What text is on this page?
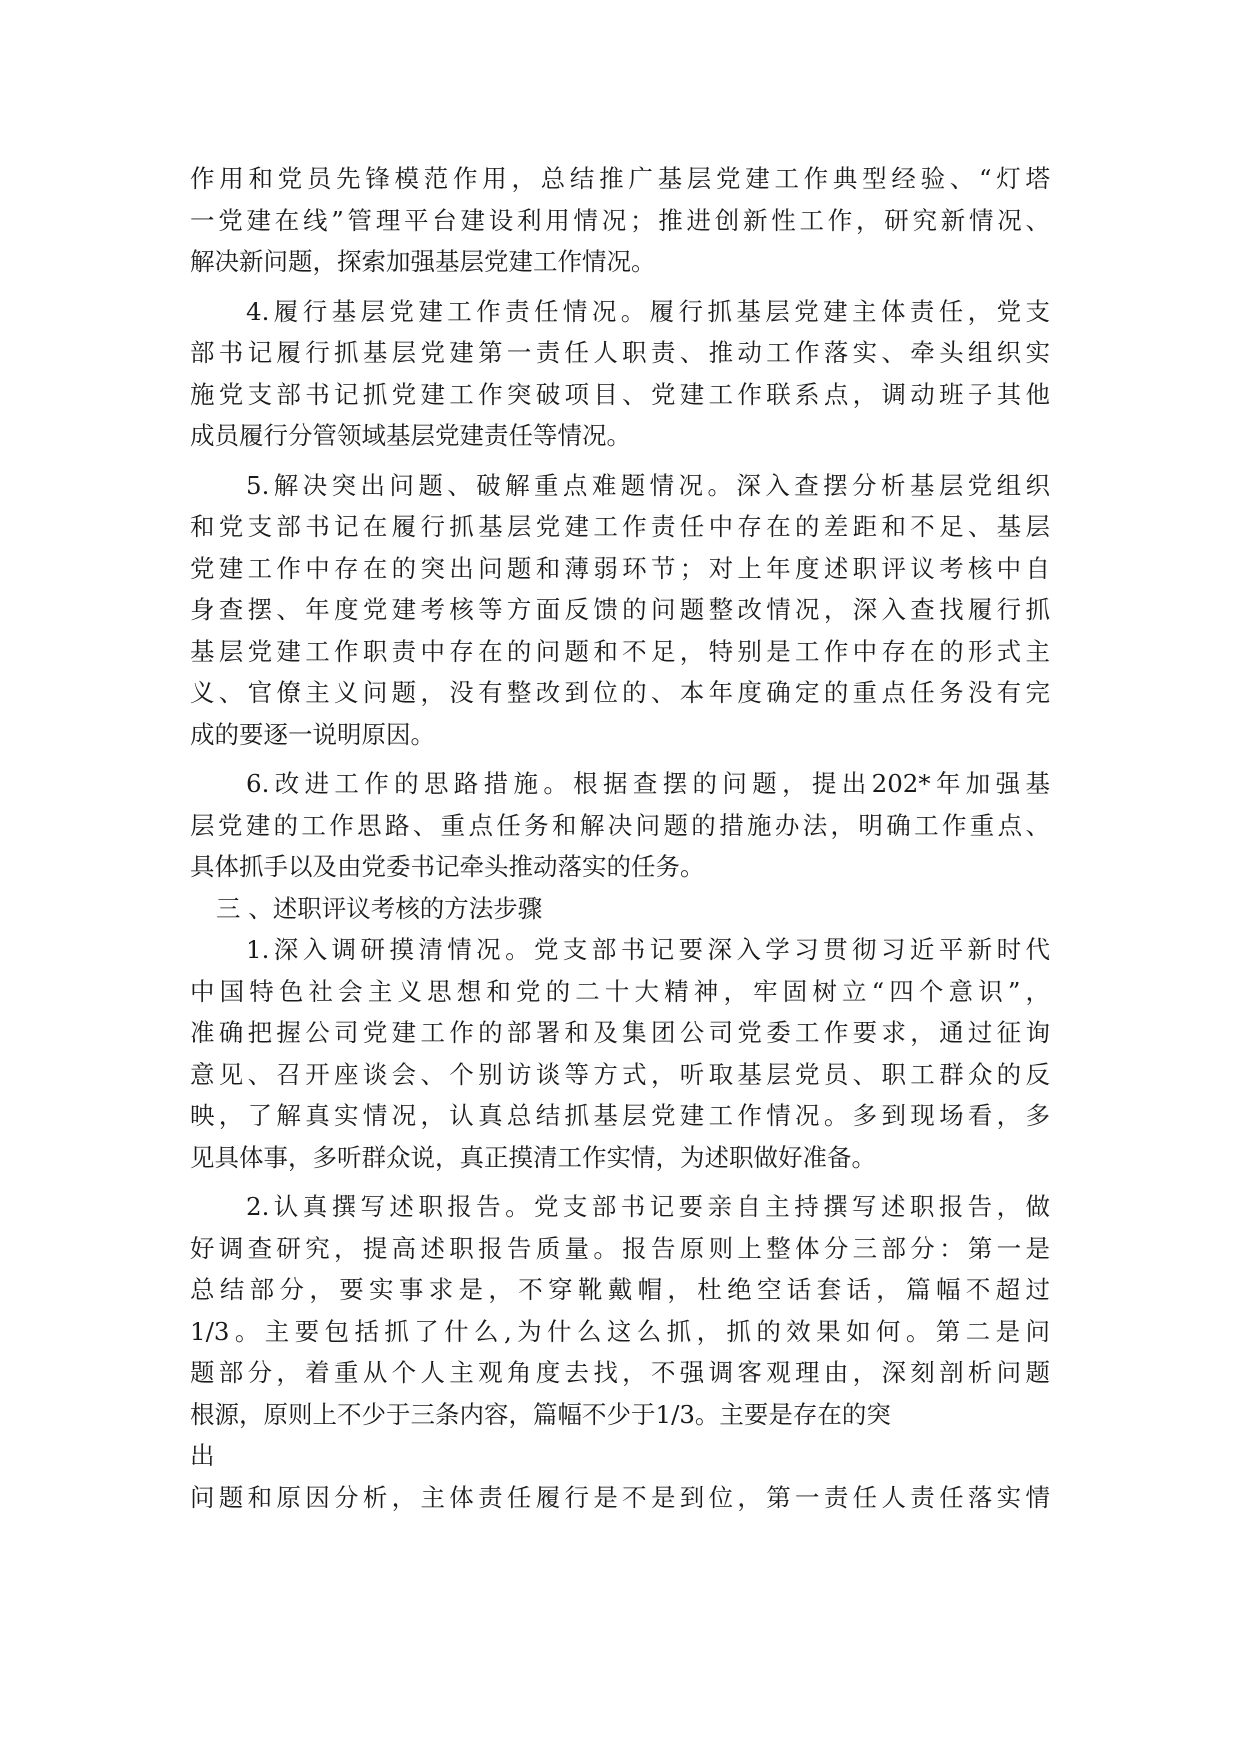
作用和党员先锋模范作用，总结推广基层党建工作典型经验、“灯塔
一党建在线”管理平台建设利用情况；推进创新性工作，研究新情况、
解决新问题，探索加强基层党建工作情况。
4.履行基层党建工作责任情况。履行抓基层党建主体责任，党支
部书记履行抓基层党建第一责任人职责、推动工作落实、牵头组织实
施党支部书记抓党建工作突破项目、党建工作联系点，调动班子其他
成员履行分管领域基层党建责任等情况。
5.解决突出问题、破解重点难题情况。深入查摆分析基层党组织
和党支部书记在履行抓基层党建工作责任中存在的差距和不足、基层
党建工作中存在的突出问题和薄弱环节；对上年度述职评议考核中自
身查摆、年度党建考核等方面反馈的问题整改情况，深入查找履行抓
基层党建工作职责中存在的问题和不足，特别是工作中存在的形式主
义、官僚主义问题，没有整改到位的、本年度确定的重点任务没有完
成的要逐一说明原因。
6.改进工作的思路措施。根据查摆的问题，提出202*年加强基
层党建的工作思路、重点任务和解决问题的措施办法，明确工作重点、
具体抓手以及由党委书记牵头推动落实的任务。
三 、述职评议考核的方法步骤
1.深入调研摸清情况。党支部书记要深入学习贯彻习近平新时代
中国特色社会主义思想和党的二十大精神，牢固树立“四个意识”，
准确把握公司党建工作的部署和及集团公司党委工作要求，通过征询
意见、召开座谈会、个别访谈等方式，听取基层党员、职工群众的反
映，了解真实情况，认真总结抓基层党建工作情况。多到现场看，多
见具体事，多听群众说，真正摸清工作实情，为述职做好准备。
2.认真撰写述职报告。党支部书记要亲自主持撰写述职报告，做
好调查研究，提高述职报告质量。报告原则上整体分三部分：第一是
总结部分，要实事求是，不穿靴戴帽，杜绝空话套话，篇幅不超过
1/3。主要包括抓了什么,为什么这么抓，抓的效果如何。第二是问
题部分，着重从个人主观角度去找，不强调客观理由，深刻剖析问题
根源，原则上不少于三条内容，篇幅不少于1/3。主要是存在的突
出
问题和原因分析，主体责任履行是不是到位，第一责任人责任落实情
